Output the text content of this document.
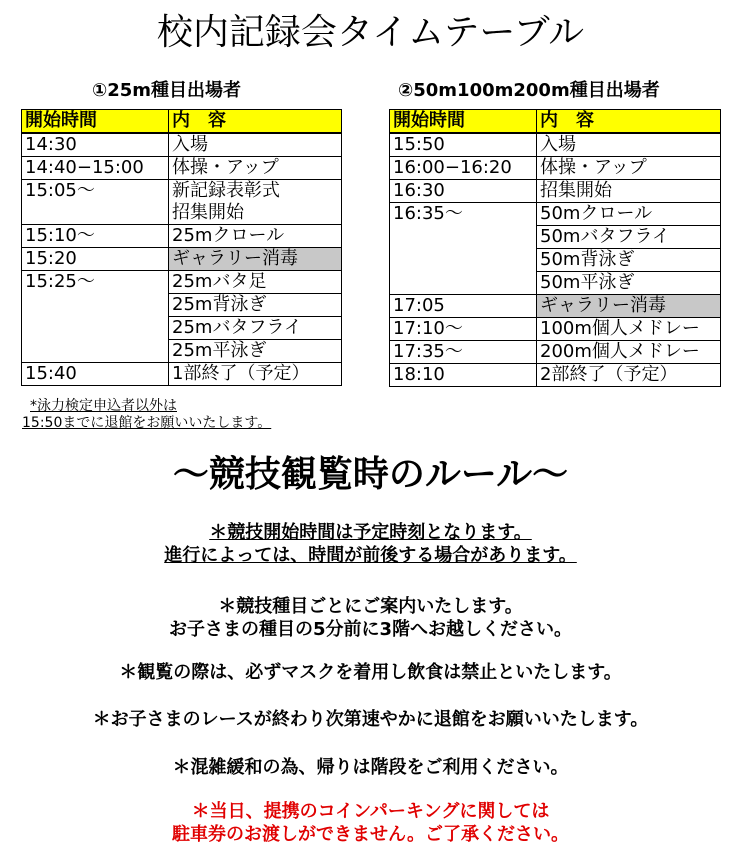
校内記録会タイムテーブル
①25m種目出場者	②50m100m200m種目出場者
開始時間	内　容
14:30	入場
14:40−15:00	体操・アップ
15:05〜	新記録表彰式
	招集開始
15:10〜	25mクロール
15:20	ギャラリー消毒
15:25〜	25mバタ足
	25m背泳ぎ
	25mバタフライ
	25m平泳ぎ
15:40	1部終了（予定）
開始時間	内　容
15:50	入場
16:00−16:20	体操・アップ
16:30	招集開始
16:35〜	50mクロール
	50mバタフライ
	50m背泳ぎ
	50m平泳ぎ
17:05	ギャラリー消毒
17:10〜	100m個人メドレー
17:35〜	200m個人メドレー
18:10	2部終了（予定）
*泳力検定申込者以外は
15:50までに退館をお願いいたします。
〜競技観覧時のルール〜
＊競技開始時間は予定時刻となります。
進行によっては、時間が前後する場合があります。
＊競技種目ごとにご案内いたします。
お子さまの種目の5分前に3階へお越しください。
＊観覧の際は、必ずマスクを着用し飲食は禁止といたします。
＊お子さまのレースが終わり次第速やかに退館をお願いいたします。
＊混雑緩和の為、帰りは階段をご利用ください。
＊当日、提携のコインパーキングに関しては
駐車券のお渡しができません。ご了承ください。
